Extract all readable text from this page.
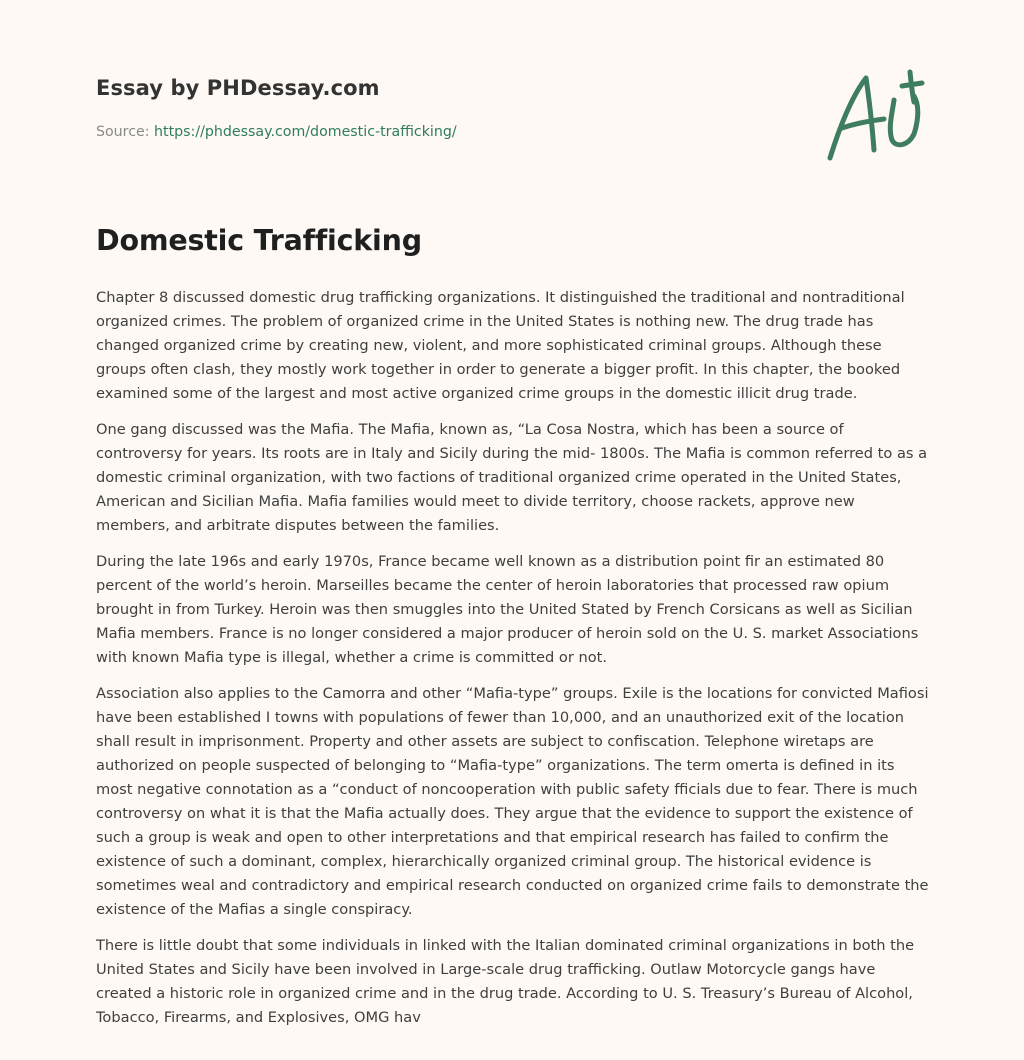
Essay by PHDessay.com
Source: https://phdessay.com/domestic-trafficking/
Domestic Trafficking

Chapter 8 discussed domestic drug trafficking organizations. It distinguished the traditional and nontraditional organized crimes. The problem of organized crime in the United States is nothing new. The drug trade has changed organized crime by creating new, violent, and more sophisticated criminal groups. Although these groups often clash, they mostly work together in order to generate a bigger profit. In this chapter, the booked examined some of the largest and most active organized crime groups in the domestic illicit drug trade.

One gang discussed was the Mafia. The Mafia, known as, “La Cosa Nostra, which has been a source of controversy for years. Its roots are in Italy and Sicily during the mid- 1800s. The Mafia is common referred to as a domestic criminal organization, with two factions of traditional organized crime operated in the United States, American and Sicilian Mafia. Mafia families would meet to divide territory, choose rackets, approve new members, and arbitrate disputes between the families.

During the late 196s and early 1970s, France became well known as a distribution point fir an estimated 80 percent of the world’s heroin. Marseilles became the center of heroin laboratories that processed raw opium brought in from Turkey. Heroin was then smuggles into the United Stated by French Corsicans as well as Sicilian Mafia members. France is no longer considered a major producer of heroin sold on the U. S. market Associations with known Mafia type is illegal, whether a crime is committed or not.

Association also applies to the Camorra and other “Mafia-type” groups. Exile is the locations for convicted Mafiosi have been established I towns with populations of fewer than 10,000, and an unauthorized exit of the location shall result in imprisonment. Property and other assets are subject to confiscation. Telephone wiretaps are authorized on people suspected of belonging to “Mafia-type” organizations. The term omerta is defined in its most negative connotation as a “conduct of noncooperation with public safety fficials due to fear. There is much controversy on what it is that the Mafia actually does. They argue that the evidence to support the existence of such a group is weak and open to other interpretations and that empirical research has failed to confirm the existence of such a dominant, complex, hierarchically organized criminal group. The historical evidence is sometimes weal and contradictory and empirical research conducted on organized crime fails to demonstrate the existence of the Mafias a single conspiracy.

There is little doubt that some individuals in linked with the Italian dominated criminal organizations in both the United States and Sicily have been involved in Large-scale drug trafficking. Outlaw Motorcycle gangs have created a historic role in organized crime and in the drug trade. According to U. S. Treasury’s Bureau of Alcohol, Tobacco, Firearms, and Explosives, OMG hav
